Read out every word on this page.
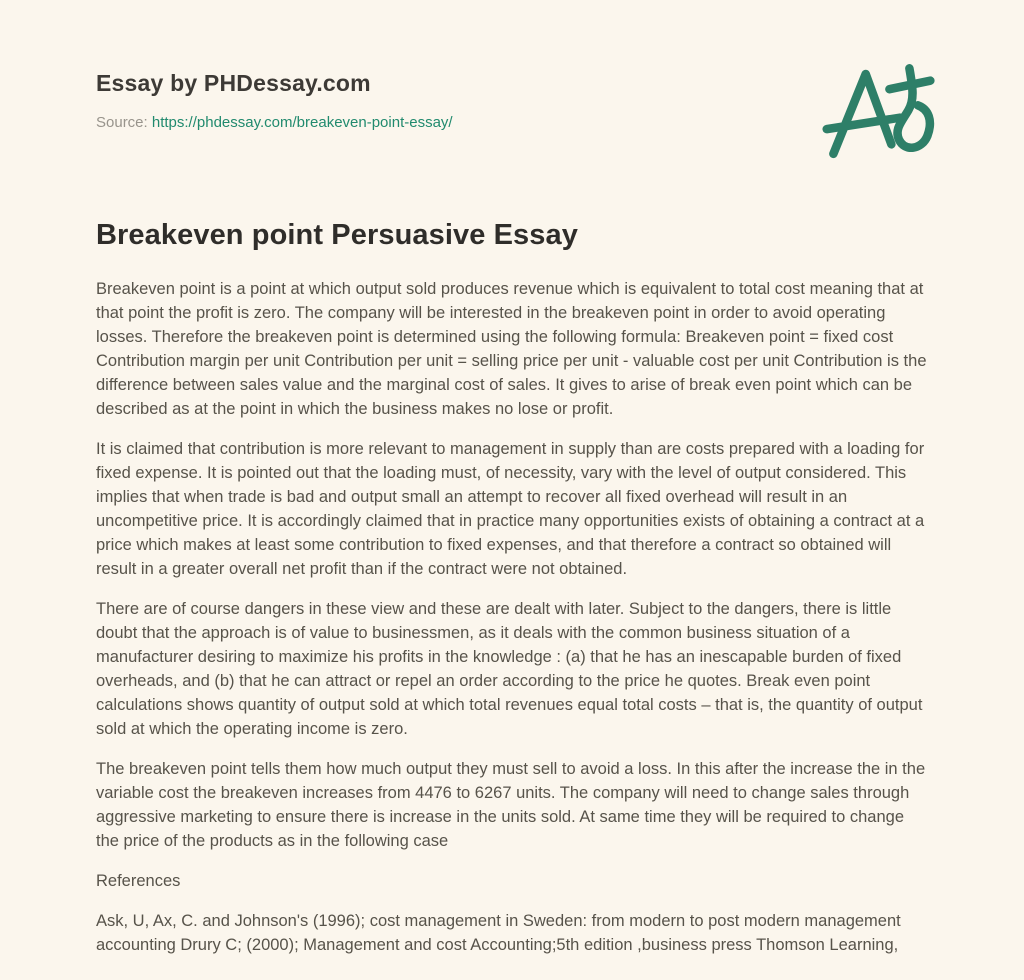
Essay by PHDessay.com
Source: https://phdessay.com/breakeven-point-essay/
Breakeven point Persuasive Essay

Breakeven point is a point at which output sold produces revenue which is equivalent to total cost meaning that at that point the profit is zero. The company will be interested in the breakeven point in order to avoid operating losses. Therefore the breakeven point is determined using the following formula: Breakeven point = fixed cost Contribution margin per unit Contribution per unit = selling price per unit - valuable cost per unit Contribution is the difference between sales value and the marginal cost of sales. It gives to arise of break even point which can be described as at the point in which the business makes no lose or profit.

It is claimed that contribution is more relevant to management in supply than are costs prepared with a loading for fixed expense. It is pointed out that the loading must, of necessity, vary with the level of output considered. This implies that when trade is bad and output small an attempt to recover all fixed overhead will result in an uncompetitive price. It is accordingly claimed that in practice many opportunities exists of obtaining a contract at a price which makes at least some contribution to fixed expenses, and that therefore a contract so obtained will result in a greater overall net profit than if the contract were not obtained.

There are of course dangers in these view and these are dealt with later. Subject to the dangers, there is little doubt that the approach is of value to businessmen, as it deals with the common business situation of a manufacturer desiring to maximize his profits in the knowledge : (a) that he has an inescapable burden of fixed overheads, and (b) that he can attract or repel an order according to the price he quotes. Break even point calculations shows quantity of output sold at which total revenues equal total costs – that is, the quantity of output sold at which the operating income is zero.

The breakeven point tells them how much output they must sell to avoid a loss. In this after the increase the in the variable cost the breakeven increases from 4476 to 6267 units. The company will need to change sales through aggressive marketing to ensure there is increase in the units sold. At same time they will be required to change the price of the products as in the following case

References

Ask, U, Ax, C. and Johnson's (1996); cost management in Sweden: from modern to post modern management accounting Drury C; (2000); Management and cost Accounting;5th edition ,business press Thomson Learning,
